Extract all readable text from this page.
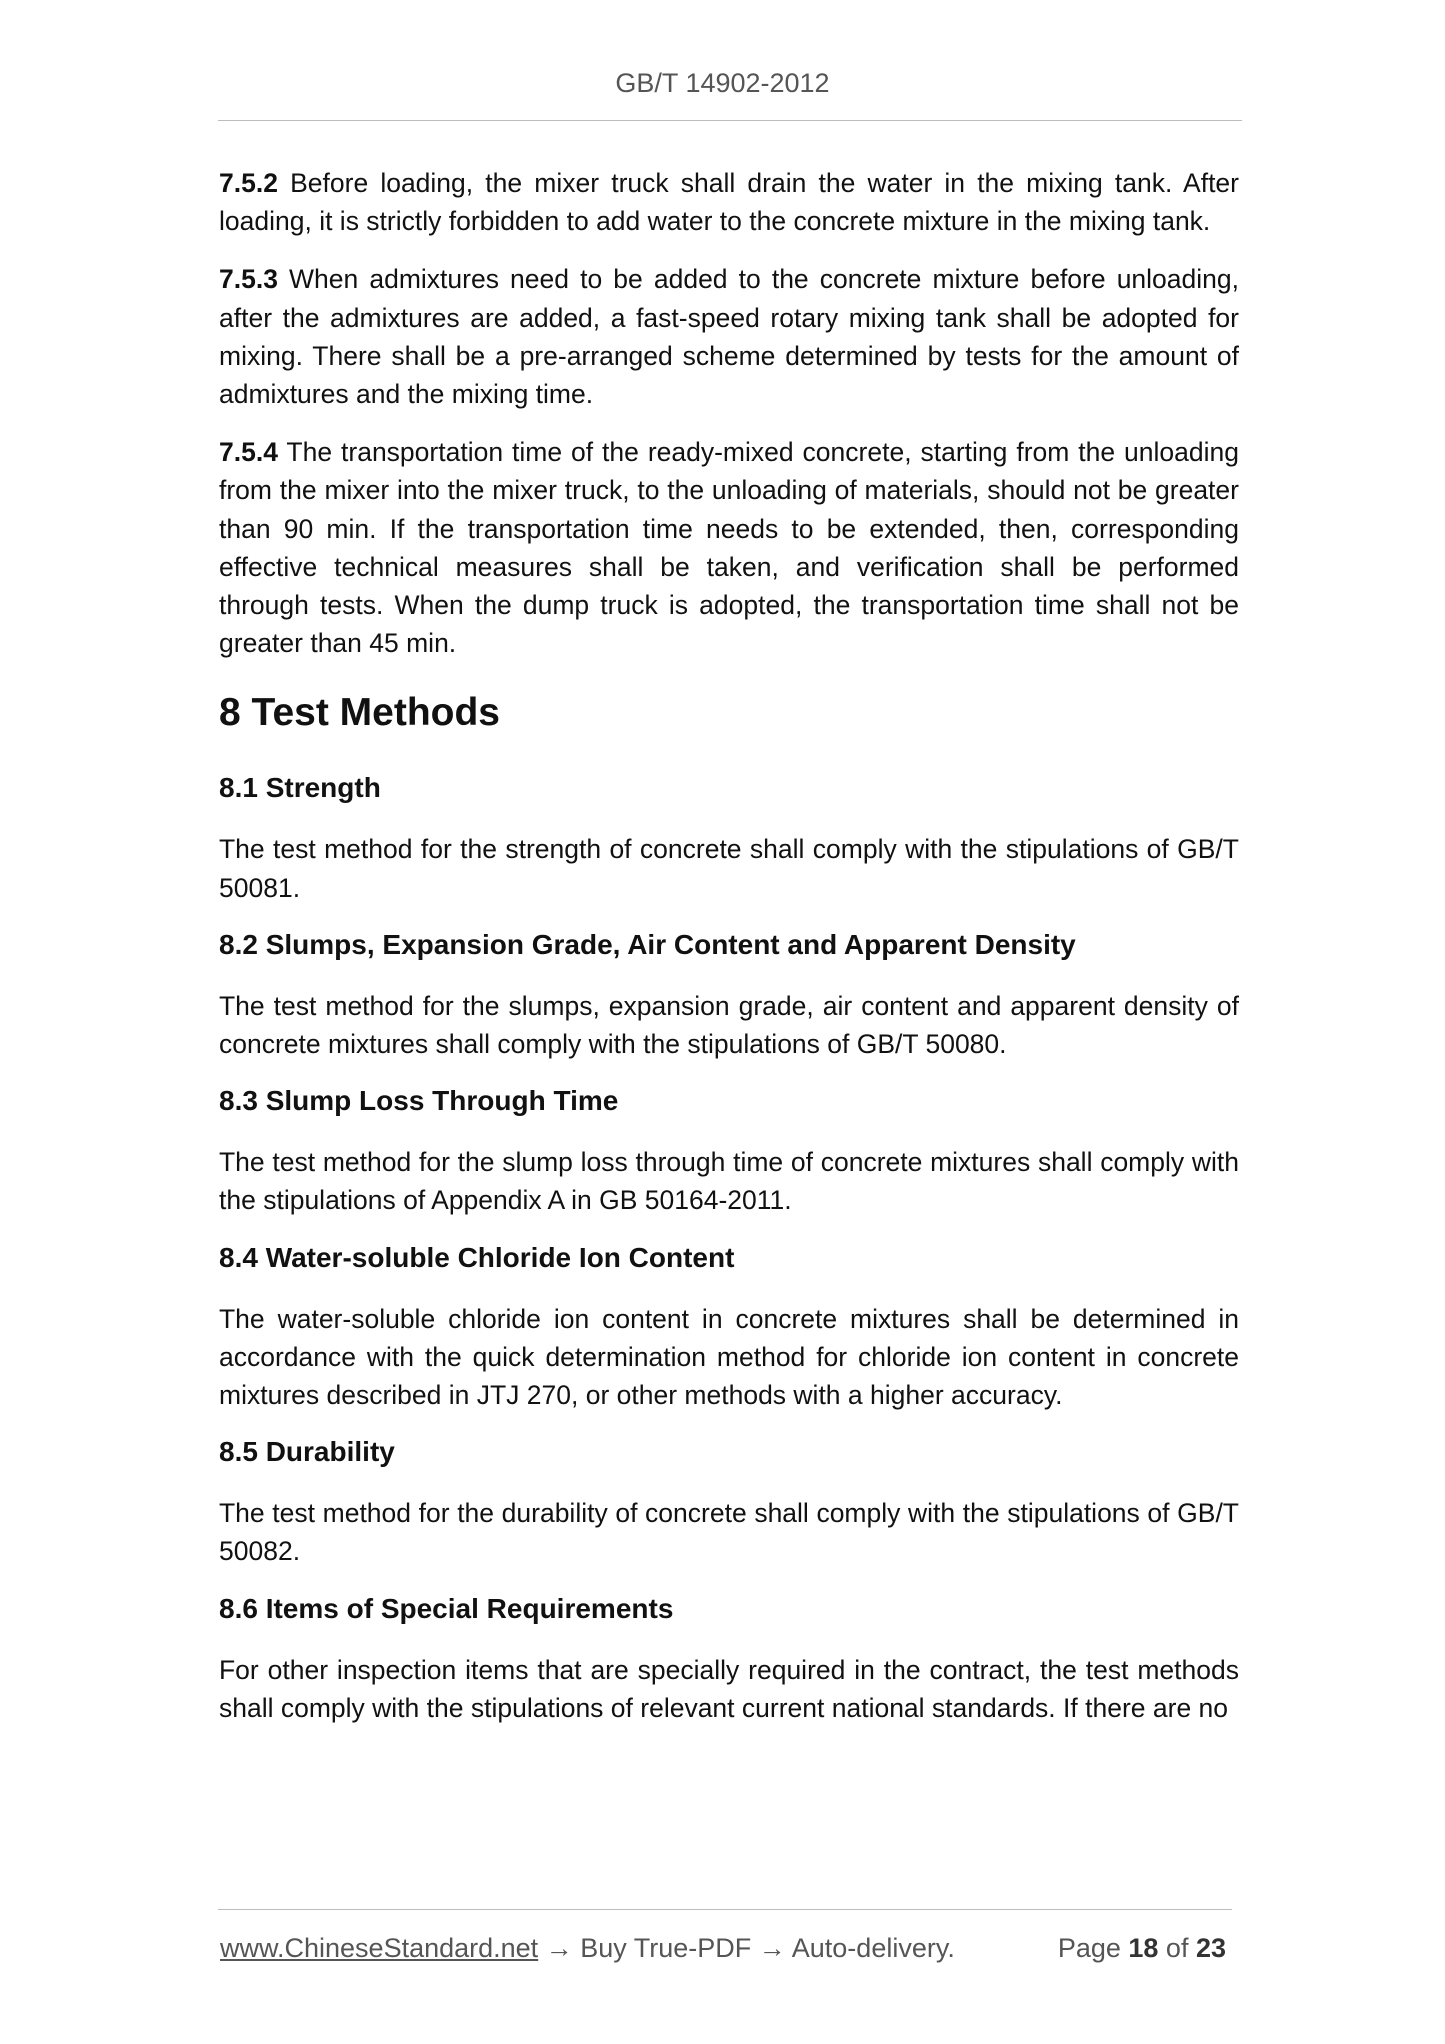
GB/T 14902-2012

7.5.2 Before loading, the mixer truck shall drain the water in the mixing tank. After loading, it is strictly forbidden to add water to the concrete mixture in the mixing tank.

7.5.3 When admixtures need to be added to the concrete mixture before unloading, after the admixtures are added, a fast-speed rotary mixing tank shall be adopted for mixing. There shall be a pre-arranged scheme determined by tests for the amount of admixtures and the mixing time.

7.5.4 The transportation time of the ready-mixed concrete, starting from the unloading from the mixer into the mixer truck, to the unloading of materials, should not be greater than 90 min. If the transportation time needs to be extended, then, corresponding effective technical measures shall be taken, and verification shall be performed through tests. When the dump truck is adopted, the transportation time shall not be greater than 45 min.

8 Test Methods
8.1 Strength

The test method for the strength of concrete shall comply with the stipulations of GB/T 50081.

8.2 Slumps, Expansion Grade, Air Content and Apparent Density

The test method for the slumps, expansion grade, air content and apparent density of concrete mixtures shall comply with the stipulations of GB/T 50080.

8.3 Slump Loss Through Time

The test method for the slump loss through time of concrete mixtures shall comply with the stipulations of Appendix A in GB 50164-2011.

8.4 Water-soluble Chloride Ion Content

The water-soluble chloride ion content in concrete mixtures shall be determined in accordance with the quick determination method for chloride ion content in concrete mixtures described in JTJ 270, or other methods with a higher accuracy.

8.5 Durability

The test method for the durability of concrete shall comply with the stipulations of GB/T 50082.

8.6 Items of Special Requirements

For other inspection items that are specially required in the contract, the test methods shall comply with the stipulations of relevant current national standards. If there are no

www.ChineseStandard.net → Buy True-PDF → Auto-delivery.	Page 18 of 23
